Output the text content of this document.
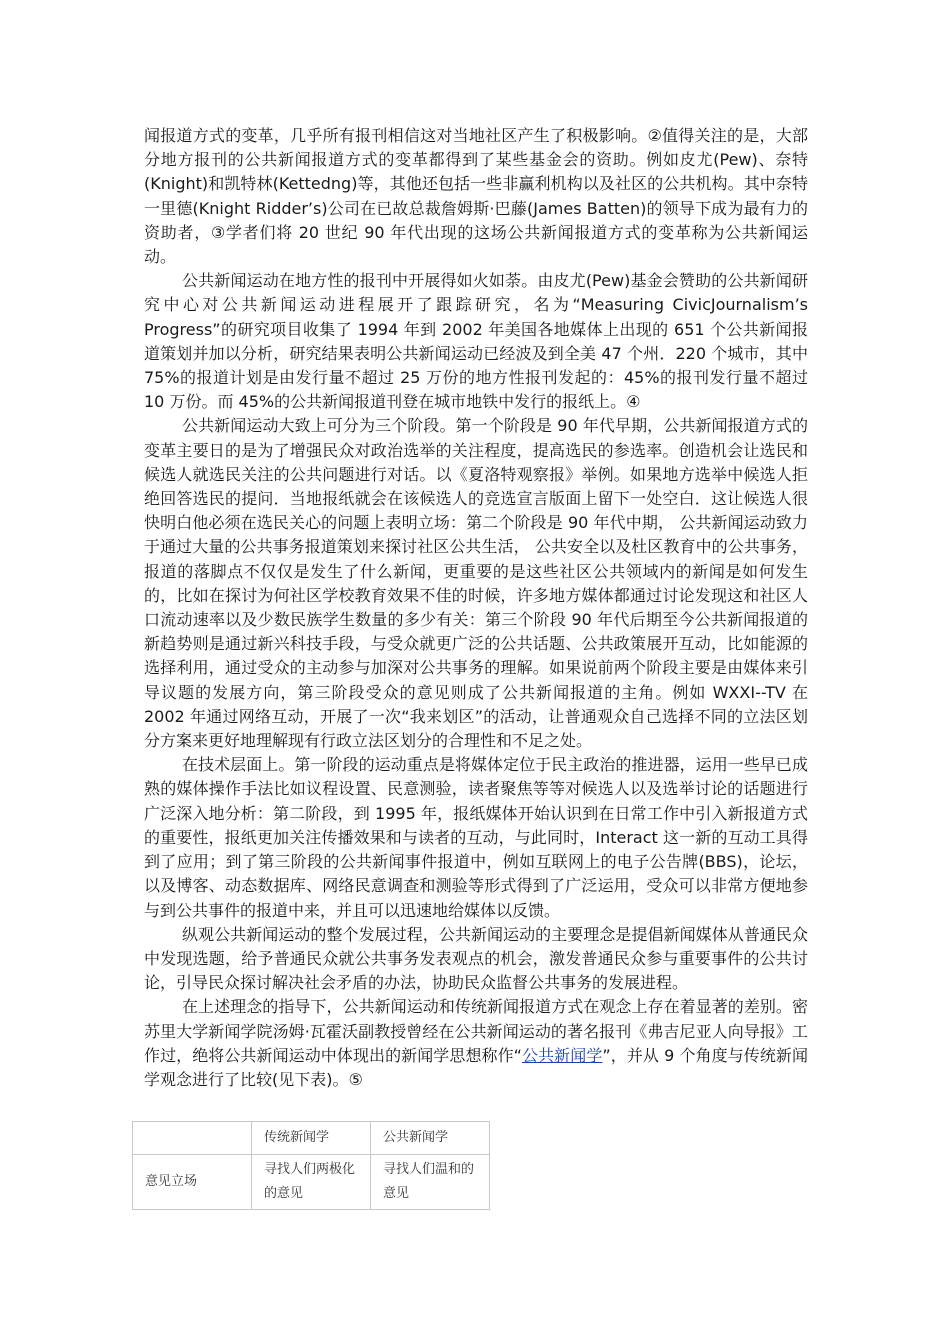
闻报道方式的变革，几乎所有报刊相信这对当地社区产生了积极影响。②值得关注的是，大部分地方报刊的公共新闻报道方式的变革都得到了某些基金会的资助。例如皮尤(Pew)、奈特(Knight)和凯特林(Kettedng)等，其他还包括一些非赢利机构以及社区的公共机构。其中奈特一里德(Knight Ridder’s)公司在已故总裁詹姆斯·巴藤(James Batten)的领导下成为最有力的资助者，③学者们将 20 世纪 90 年代出现的这场公共新闻报道方式的变革称为公共新闻运动。

公共新闻运动在地方性的报刊中开展得如火如荼。由皮尤(Pew)基金会赞助的公共新闻研究中心对公共新闻运动进程展开了跟踪研究，名为“Measuring CivicJournalism’s Progress”的研究项目收集了 1994 年到 2002 年美国各地媒体上出现的 651 个公共新闻报道策划并加以分析，研究结果表明公共新闻运动已经波及到全美 47 个州．220 个城市，其中 75%的报道计划是由发行量不超过 25 万份的地方性报刊发起的：45%的报刊发行量不超过 10 万份。而 45%的公共新闻报道刊登在城市地铁中发行的报纸上。④

公共新闻运动大致上可分为三个阶段。第一个阶段是 90 年代早期，公共新闻报道方式的变革主要日的是为了增强民众对政治选举的关注程度，提高选民的参选率。创造机会让选民和候选人就选民关注的公共问题进行对话。以《夏洛特观察报》举例。如果地方选举中候选人拒绝回答选民的提问．当地报纸就会在该候选人的竞选宣言版面上留下一处空白．这让候选人很快明白他必须在选民关心的问题上表明立场：第二个阶段是 90 年代中期， 公共新闻运动致力于通过大量的公共事务报道策划来探讨社区公共生活， 公共安全以及杜区教育中的公共事务，报道的落脚点不仅仅是发生了什么新闻，更重要的是这些社区公共领域内的新闻是如何发生的，比如在探讨为何社区学校教育效果不佳的时候，许多地方媒体都通过讨论发现这和社区人口流动速率以及少数民族学生数量的多少有关：第三个阶段 90 年代后期至今公共新闻报道的新趋势则是通过新兴科技手段，与受众就更广泛的公共话题、公共政策展开互动，比如能源的选择利用，通过受众的主动参与加深对公共事务的理解。如果说前两个阶段主要是由媒体来引导议题的发展方向，第三阶段受众的意见则成了公共新闻报道的主角。例如 WXXI--TV 在 2002 年通过网络互动，开展了一次“我来划区”的活动，让普通观众自己选择不同的立法区划分方案来更好地理解现有行政立法区划分的合理性和不足之处。

在技术层面上。第一阶段的运动重点是将媒体定位于民主政治的推进器，运用一些早已成熟的媒体操作手法比如议程设置、民意测验，读者聚焦等等对候选人以及选举讨论的话题进行广泛深入地分析：第二阶段，到 1995 年，报纸媒体开始认识到在日常工作中引入新报道方式的重要性，报纸更加关注传播效果和与读者的互动，与此同时，Interact 这一新的互动工具得到了应用；到了第三阶段的公共新闻事件报道中，例如互联网上的电子公告牌(BBS)，论坛，以及博客、动态数据库、网络民意调查和测验等形式得到了广泛运用，受众可以非常方便地参与到公共事件的报道中来，并且可以迅速地给媒体以反馈。

纵观公共新闻运动的整个发展过程，公共新闻运动的主要理念是提倡新闻媒体从普通民众中发现选题，给予普通民众就公共事务发表观点的机会，激发普通民众参与重要事件的公共讨论，引导民众探讨解决社会矛盾的办法，协助民众监督公共事务的发展进程。

在上述理念的指导下，公共新闻运动和传统新闻报道方式在观念上存在着显著的差别。密苏里大学新闻学院汤姆·瓦霍沃副教授曾经在公共新闻运动的著名报刊《弗吉尼亚人向导报》工作过，绝将公共新闻运动中体现出的新闻学思想称作“公共新闻学”，并从 9 个角度与传统新闻学观念进行了比较(见下表)。⑤

	传统新闻学	公共新闻学
意见立场	寻找人们两极化的意见	寻找人们温和的意见
